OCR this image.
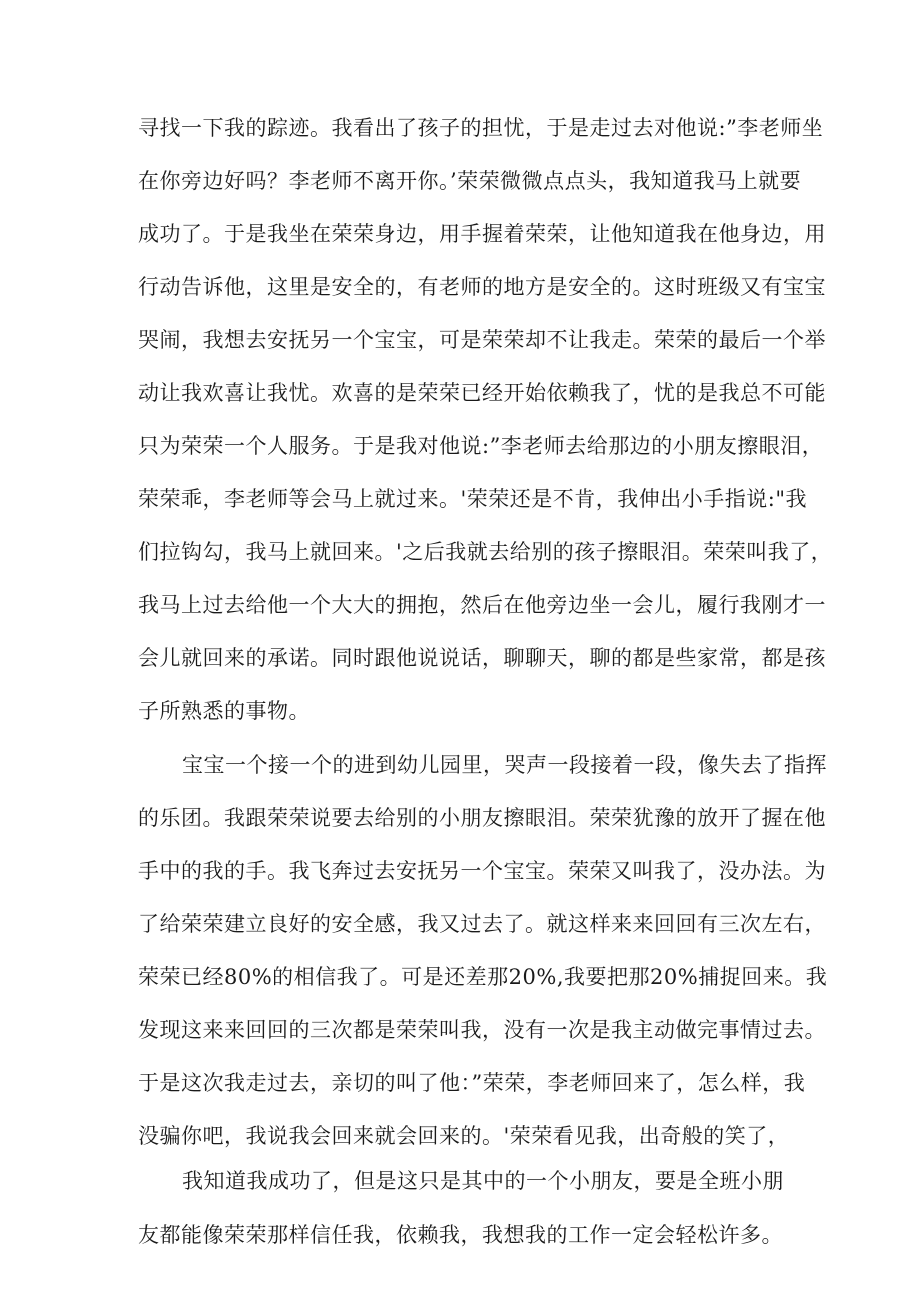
寻找一下我的踪迹。我看出了孩子的担忧，于是走过去对他说:”李老师坐
在你旁边好吗？李老师不离开你。’荣荣微微点点头，我知道我马上就要
成功了。于是我坐在荣荣身边，用手握着荣荣，让他知道我在他身边，用
行动告诉他，这里是安全的，有老师的地方是安全的。这时班级又有宝宝
哭闹，我想去安抚另一个宝宝，可是荣荣却不让我走。荣荣的最后一个举
动让我欢喜让我忧。欢喜的是荣荣已经开始依赖我了，忧的是我总不可能
只为荣荣一个人服务。于是我对他说:”李老师去给那边的小朋友擦眼泪，
荣荣乖，李老师等会马上就过来。'荣荣还是不肯，我伸出小手指说:"我
们拉钩勾，我马上就回来。'之后我就去给别的孩子擦眼泪。荣荣叫我了，
我马上过去给他一个大大的拥抱，然后在他旁边坐一会儿，履行我刚才一
会儿就回来的承诺。同时跟他说说话，聊聊天，聊的都是些家常，都是孩
子所熟悉的事物。
宝宝一个接一个的进到幼儿园里，哭声一段接着一段，像失去了指挥
的乐团。我跟荣荣说要去给别的小朋友擦眼泪。荣荣犹豫的放开了握在他
手中的我的手。我飞奔过去安抚另一个宝宝。荣荣又叫我了，没办法。为
了给荣荣建立良好的安全感，我又过去了。就这样来来回回有三次左右，
荣荣已经80%的相信我了。可是还差那20%,我要把那20%捕捉回来。我
发现这来来回回的三次都是荣荣叫我，没有一次是我主动做完事情过去。
于是这次我走过去，亲切的叫了他：”荣荣，李老师回来了，怎么样，我
没骗你吧，我说我会回来就会回来的。'荣荣看见我，出奇般的笑了，
我知道我成功了，但是这只是其中的一个小朋友，要是全班小朋
友都能像荣荣那样信任我，依赖我，我想我的工作一定会轻松许多。
